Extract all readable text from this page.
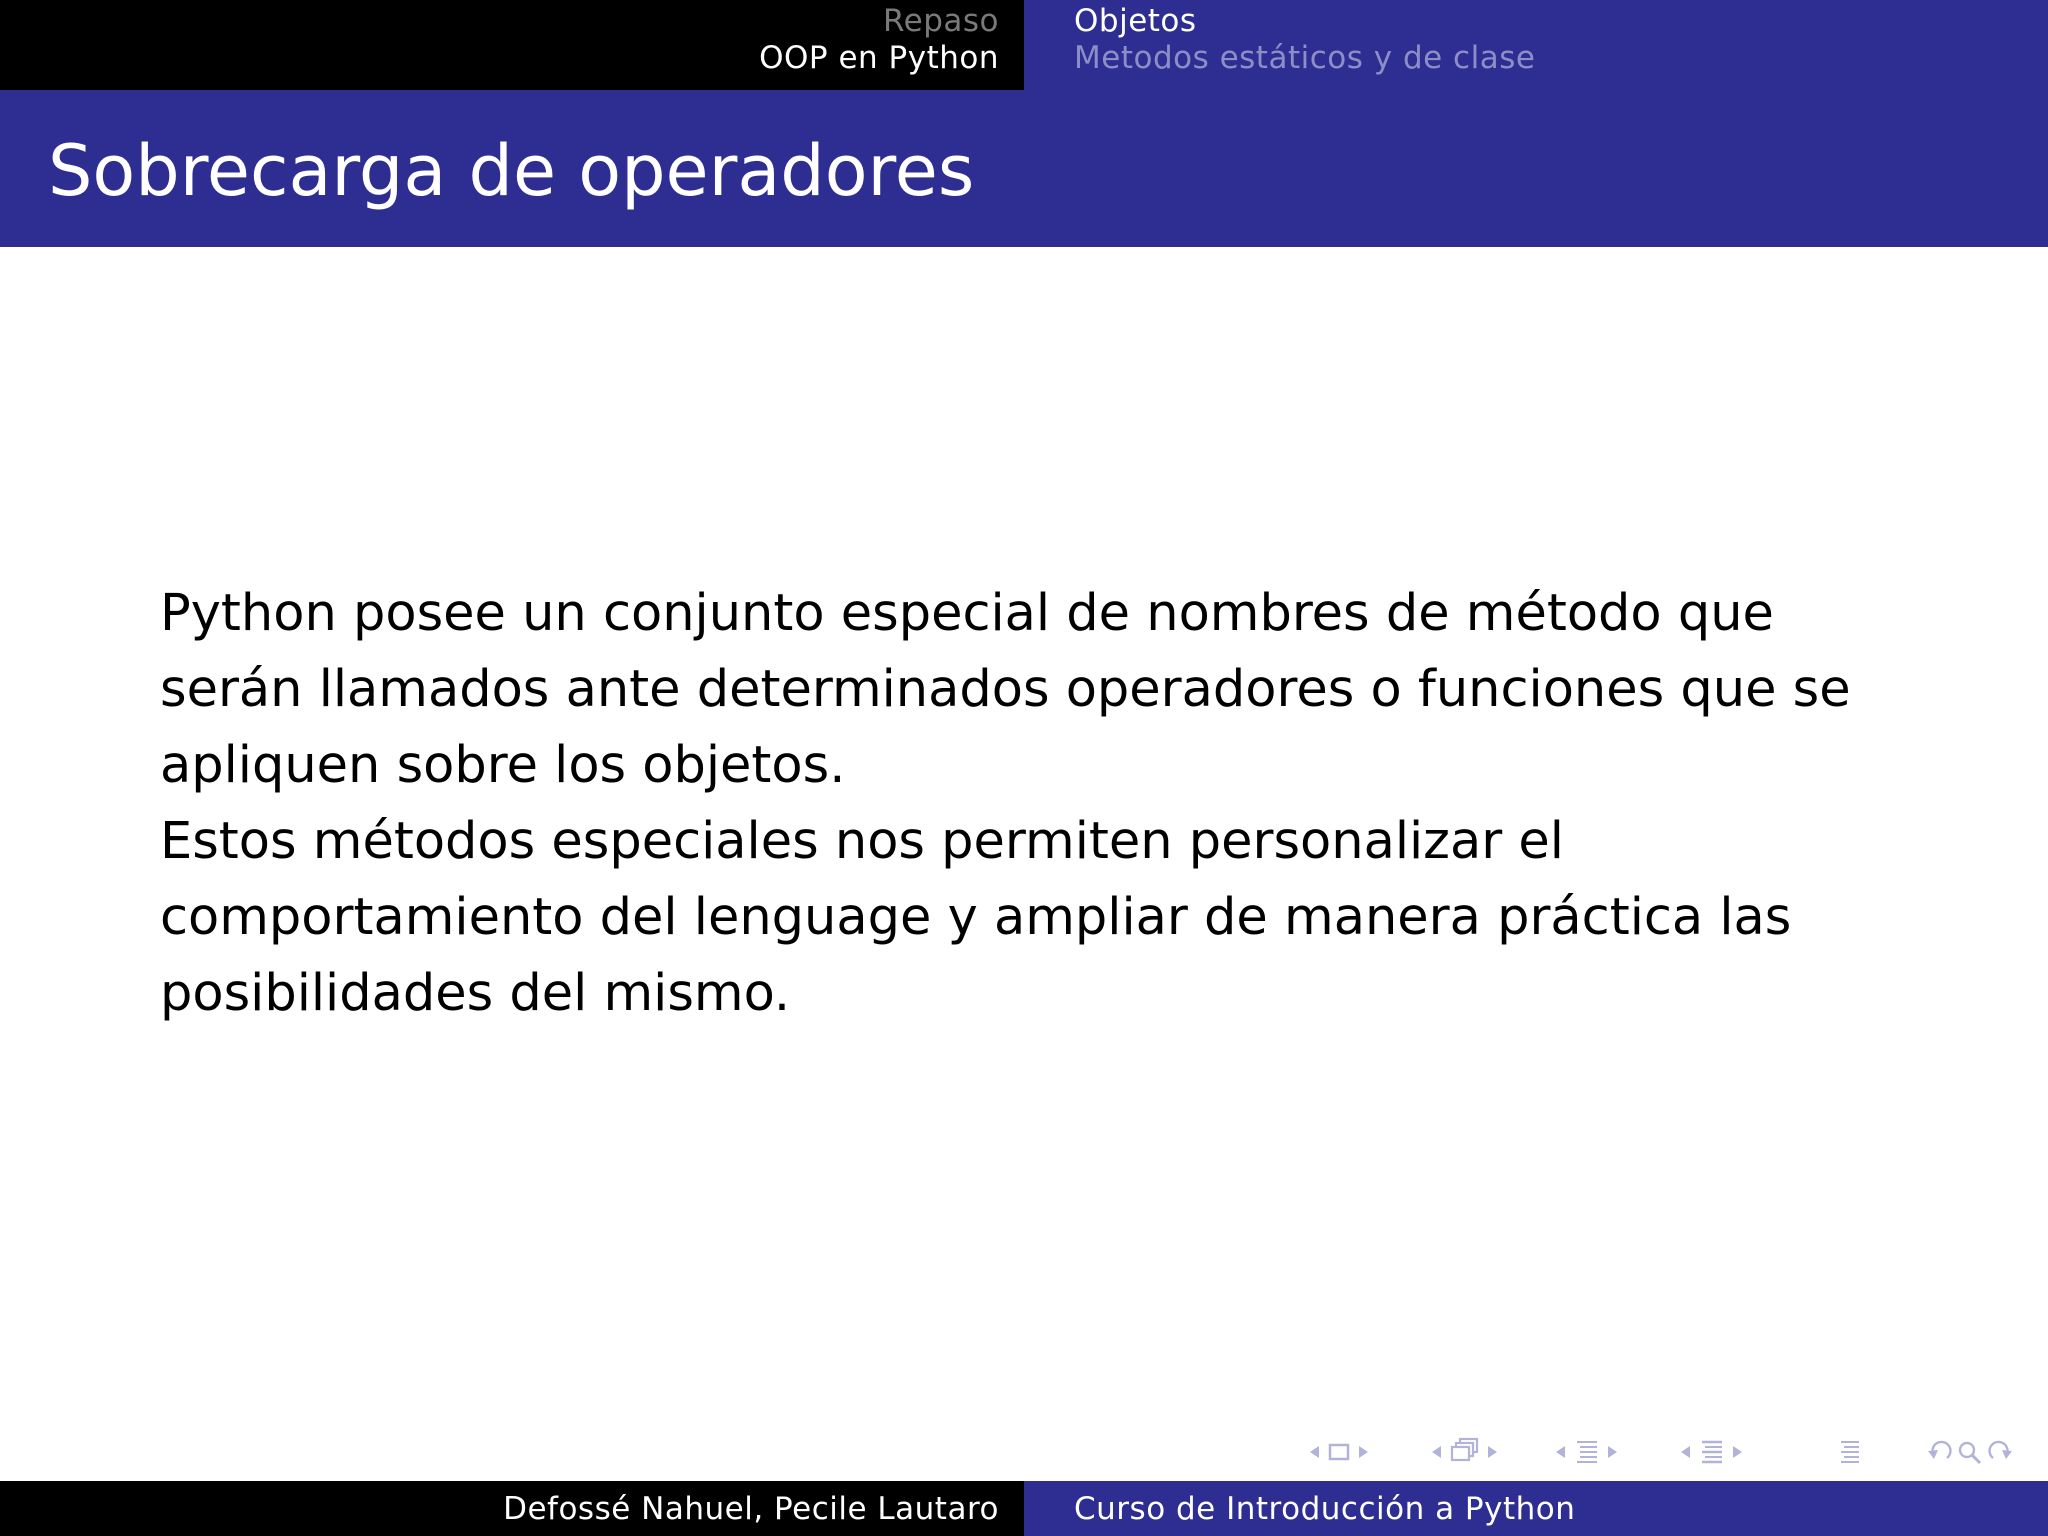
Repaso
OOP en Python
Objetos
Metodos estáticos y de clase
Sobrecarga de operadores

Python posee un conjunto especial de nombres de método que serán llamados ante determinados operadores o funciones que se apliquen sobre los objetos.

Estos métodos especiales nos permiten personalizar el comportamiento del lenguage y ampliar de manera práctica las posibilidades del mismo.

Defossé Nahuel, Pecile Lautaro Curso de Introducción a Python
